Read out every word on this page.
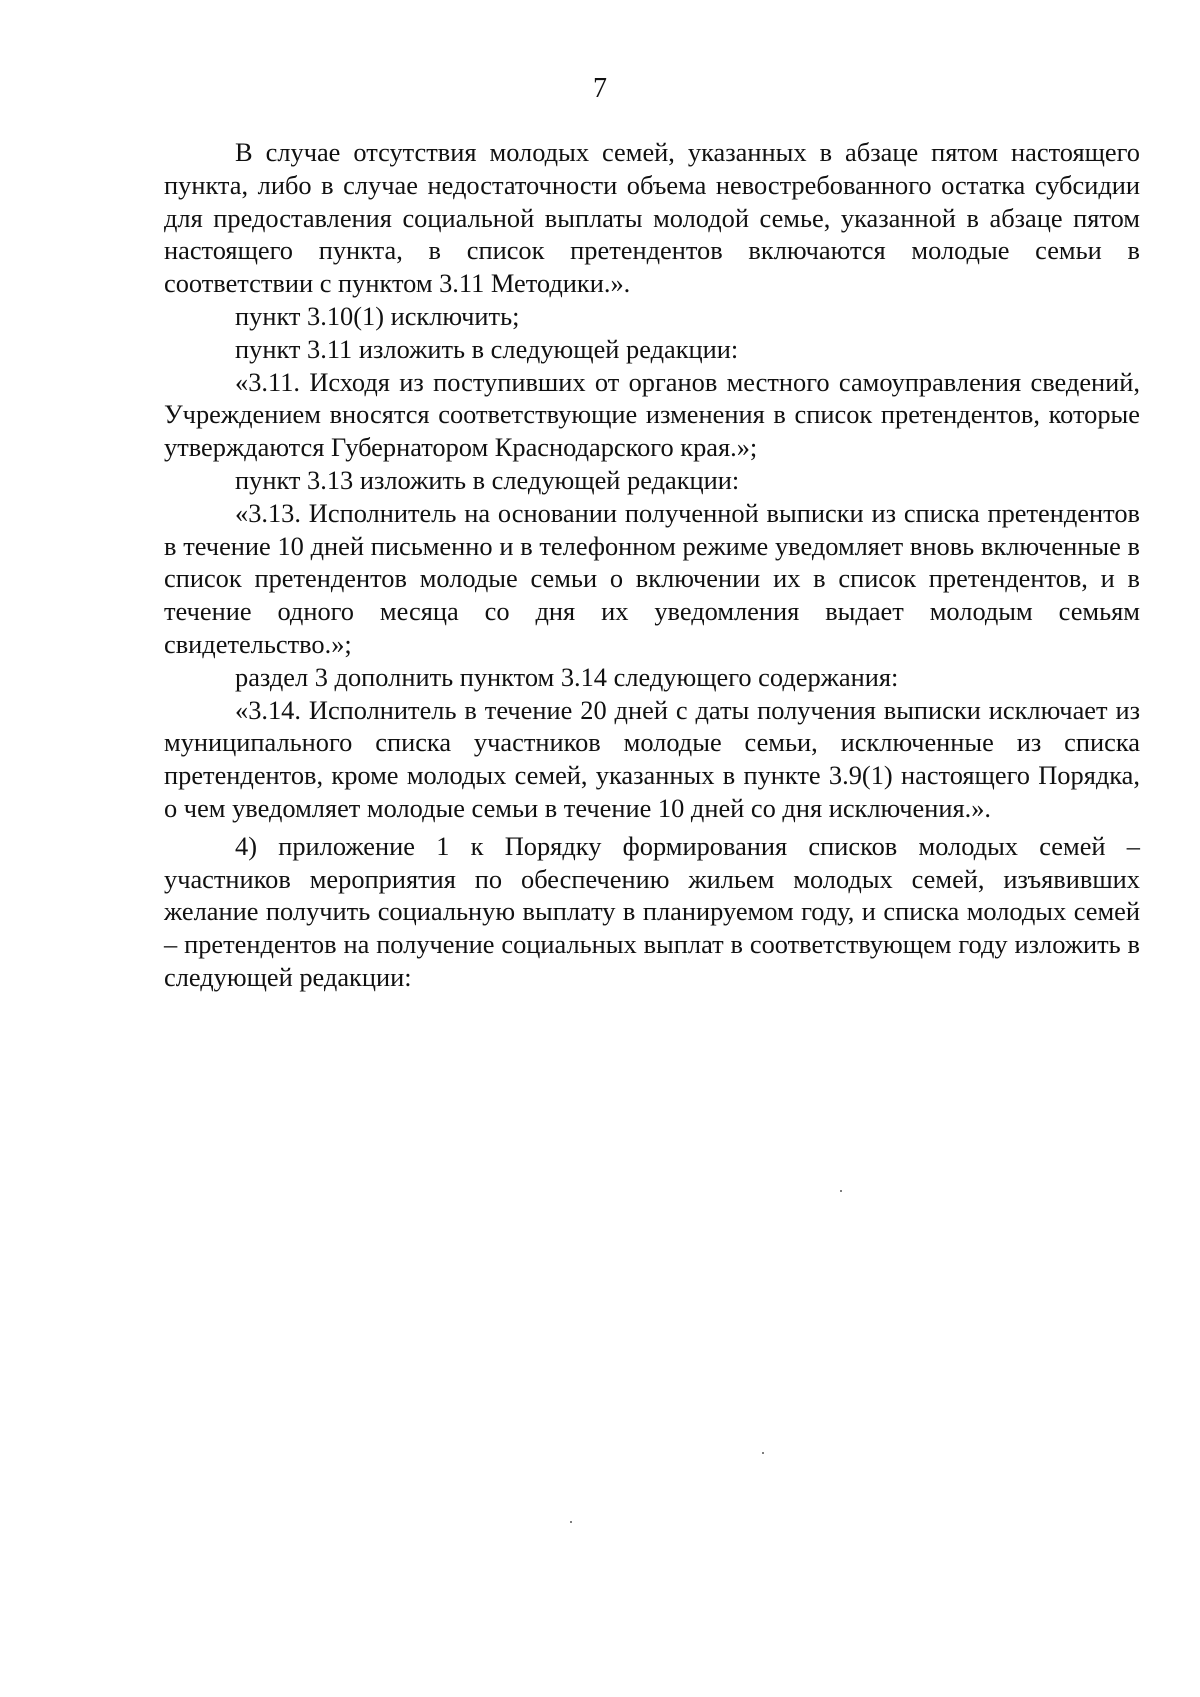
7

В случае отсутствия молодых семей, указанных в абзаце пятом настоящего пункта, либо в случае недостаточности объема невостребованного остатка субсидии для предоставления социальной выплаты молодой семье, указанной в абзаце пятом настоящего пункта, в список претендентов включаются молодые семьи в соответствии с пунктом 3.11 Методики.».

пункт 3.10(1) исключить;

пункт 3.11 изложить в следующей редакции:

«3.11. Исходя из поступивших от органов местного самоуправления сведений, Учреждением вносятся соответствующие изменения в список претендентов, которые утверждаются Губернатором Краснодарского края.»;

пункт 3.13 изложить в следующей редакции:

«3.13. Исполнитель на основании полученной выписки из списка претендентов в течение 10 дней письменно и в телефонном режиме уведомляет вновь включенные в список претендентов молодые семьи о включении их в список претендентов, и в течение одного месяца со дня их уведомления выдает молодым семьям свидетельство.»;

раздел 3 дополнить пунктом 3.14 следующего содержания:

«3.14. Исполнитель в течение 20 дней с даты получения выписки исключает из муниципального списка участников молодые семьи, исключенные из списка претендентов, кроме молодых семей, указанных в пункте 3.9(1) настоящего Порядка, о чем уведомляет молодые семьи в течение 10 дней со дня исключения.».

4) приложение 1 к Порядку формирования списков молодых семей – участников мероприятия по обеспечению жильем молодых семей, изъявивших желание получить социальную выплату в планируемом году, и списка молодых семей – претендентов на получение социальных выплат в соответствующем году изложить в следующей редакции:
